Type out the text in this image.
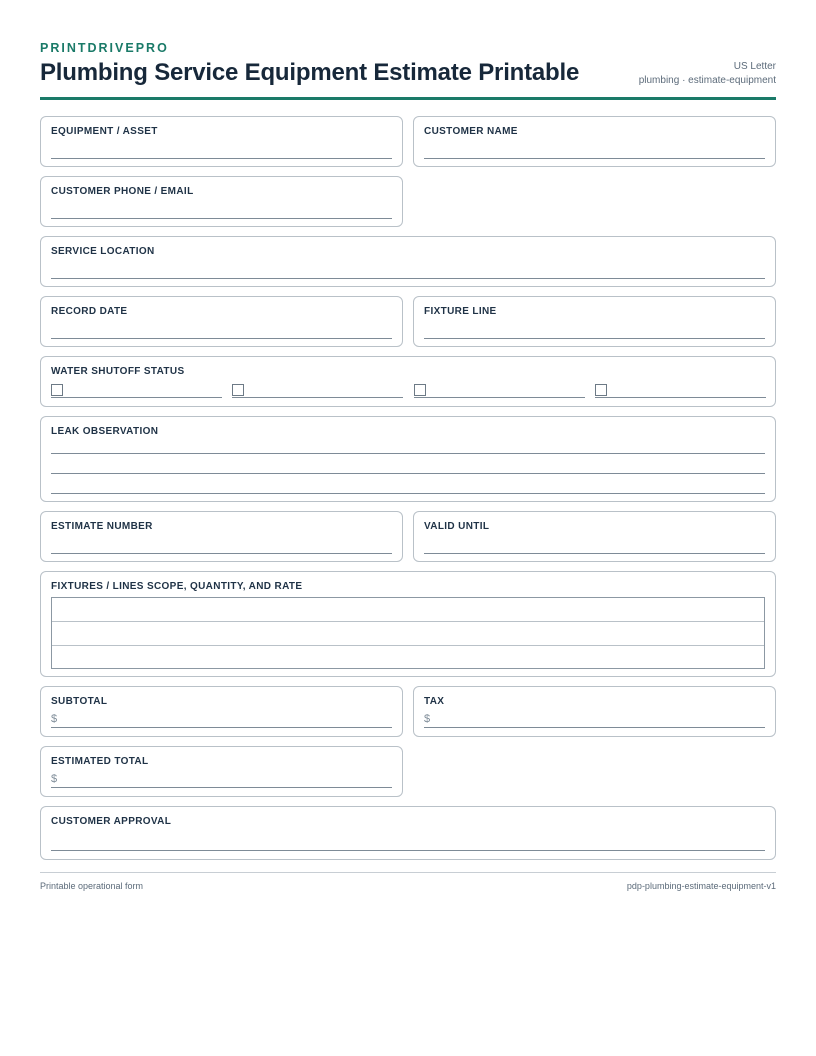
PRINTDRIVEPRO
Plumbing Service Equipment Estimate Printable	US Letter
plumbing · estimate-equipment
EQUIPMENT / ASSET	CUSTOMER NAME
CUSTOMER PHONE / EMAIL
SERVICE LOCATION
RECORD DATE	FIXTURE LINE
WATER SHUTOFF STATUS
LEAK OBSERVATION
ESTIMATE NUMBER	VALID UNTIL
FIXTURES / LINES SCOPE, QUANTITY, AND RATE
SUBTOTAL
$
TAX
$
ESTIMATED TOTAL
$
CUSTOMER APPROVAL
Printable operational form	pdp-plumbing-estimate-equipment-v1
